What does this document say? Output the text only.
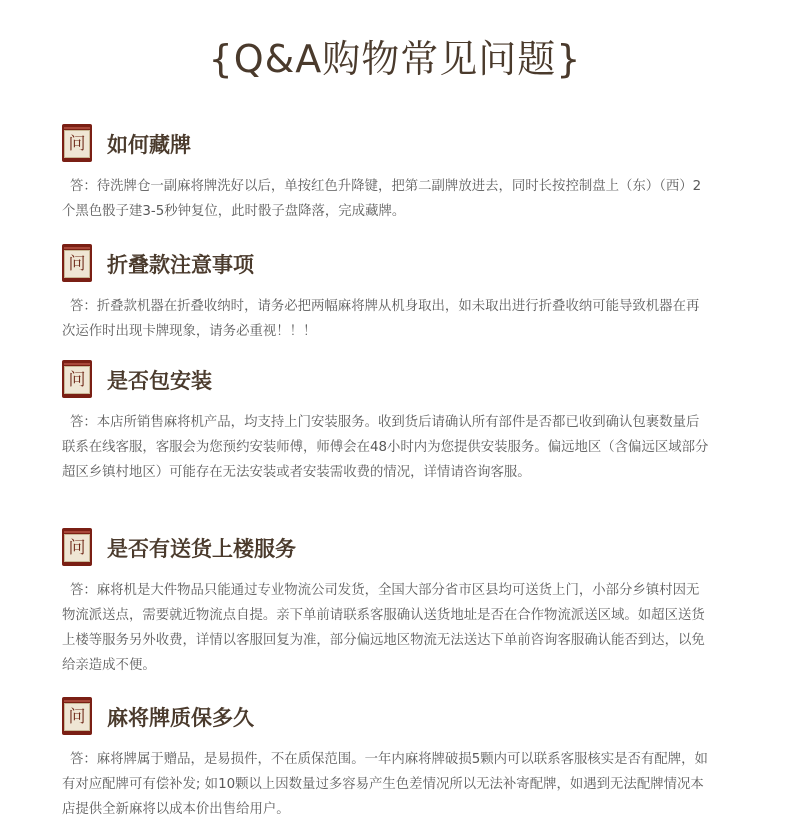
{Q&A购物常见问题}
问 如何藏牌
答：待洗牌仓一副麻将牌洗好以后，单按红色升降键，把第二副牌放进去，同时长按控制盘上（东）（西）2个黑色骰子建3-5秒钟复位，此时骰子盘降落，完成藏牌。
问 折叠款注意事项
答：折叠款机器在折叠收纳时，请务必把两幅麻将牌从机身取出，如未取出进行折叠收纳可能导致机器在再次运作时出现卡牌现象，请务必重视！！！
问 是否包安装
答：本店所销售麻将机产品，均支持上门安装服务。收到货后请确认所有部件是否都已收到确认包裹数量后联系在线客服，客服会为您预约安装师傅，师傅会在48小时内为您提供安装服务。偏远地区（含偏远区域部分超区乡镇村地区）可能存在无法安装或者安装需收费的情况，详情请咨询客服。
问 是否有送货上楼服务
答：麻将机是大件物品只能通过专业物流公司发货，全国大部分省市区县均可送货上门，小部分乡镇村因无物流派送点，需要就近物流点自提。亲下单前请联系客服确认送货地址是否在合作物流派送区域。如超区送货上楼等服务另外收费，详情以客服回复为准，部分偏远地区物流无法送达下单前咨询客服确认能否到达，以免给亲造成不便。
问 麻将牌质保多久
答：麻将牌属于赠品，是易损件，不在质保范围。一年内麻将牌破损5颗内可以联系客服核实是否有配牌，如有对应配牌可有偿补发; 如10颗以上因数量过多容易产生色差情况所以无法补寄配牌，如遇到无法配牌情况本店提供全新麻将以成本价出售给用户。
